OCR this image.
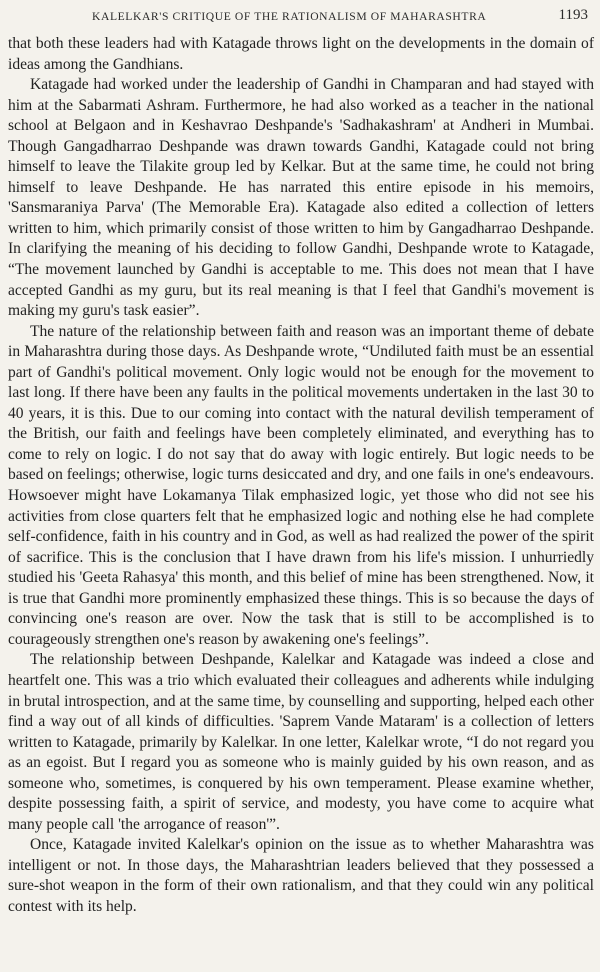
KALELKAR'S CRITIQUE OF THE RATIONALISM OF MAHARASHTRA	1193

that both these leaders had with Katagade throws light on the developments in the domain of ideas among the Gandhians.

Katagade had worked under the leadership of Gandhi in Champaran and had stayed with him at the Sabarmati Ashram. Furthermore, he had also worked as a teacher in the national school at Belgaon and in Keshavrao Deshpande's 'Sadhakashram' at Andheri in Mumbai. Though Gangadharrao Deshpande was drawn towards Gandhi, Katagade could not bring himself to leave the Tilakite group led by Kelkar. But at the same time, he could not bring himself to leave Deshpande. He has narrated this entire episode in his memoirs, 'Sansmaraniya Parva' (The Memorable Era). Katagade also edited a collection of letters written to him, which primarily consist of those written to him by Gangadharrao Deshpande. In clarifying the meaning of his deciding to follow Gandhi, Deshpande wrote to Katagade, “The movement launched by Gandhi is acceptable to me. This does not mean that I have accepted Gandhi as my guru, but its real meaning is that I feel that Gandhi's movement is making my guru's task easier”.

The nature of the relationship between faith and reason was an important theme of debate in Maharashtra during those days. As Deshpande wrote, “Undiluted faith must be an essential part of Gandhi's political movement. Only logic would not be enough for the movement to last long. If there have been any faults in the political movements undertaken in the last 30 to 40 years, it is this. Due to our coming into contact with the natural devilish temperament of the British, our faith and feelings have been completely eliminated, and everything has to come to rely on logic. I do not say that do away with logic entirely. But logic needs to be based on feelings; otherwise, logic turns desiccated and dry, and one fails in one's endeavours. Howsoever might have Lokamanya Tilak emphasized logic, yet those who did not see his activities from close quarters felt that he emphasized logic and nothing else he had complete self-confidence, faith in his country and in God, as well as had realized the power of the spirit of sacrifice. This is the conclusion that I have drawn from his life's mission. I unhurriedly studied his 'Geeta Rahasya' this month, and this belief of mine has been strengthened. Now, it is true that Gandhi more prominently emphasized these things. This is so because the days of convincing one's reason are over. Now the task that is still to be accomplished is to courageously strengthen one's reason by awakening one's feelings”.

The relationship between Deshpande, Kalelkar and Katagade was indeed a close and heartfelt one. This was a trio which evaluated their colleagues and adherents while indulging in brutal introspection, and at the same time, by counselling and supporting, helped each other find a way out of all kinds of difficulties. 'Saprem Vande Mataram' is a collection of letters written to Katagade, primarily by Kalelkar. In one letter, Kalelkar wrote, “I do not regard you as an egoist. But I regard you as someone who is mainly guided by his own reason, and as someone who, sometimes, is conquered by his own temperament. Please examine whether, despite possessing faith, a spirit of service, and modesty, you have come to acquire what many people call 'the arrogance of reason'”.

Once, Katagade invited Kalelkar's opinion on the issue as to whether Maharashtra was intelligent or not. In those days, the Maharashtrian leaders believed that they possessed a sure-shot weapon in the form of their own rationalism, and that they could win any political contest with its help.
